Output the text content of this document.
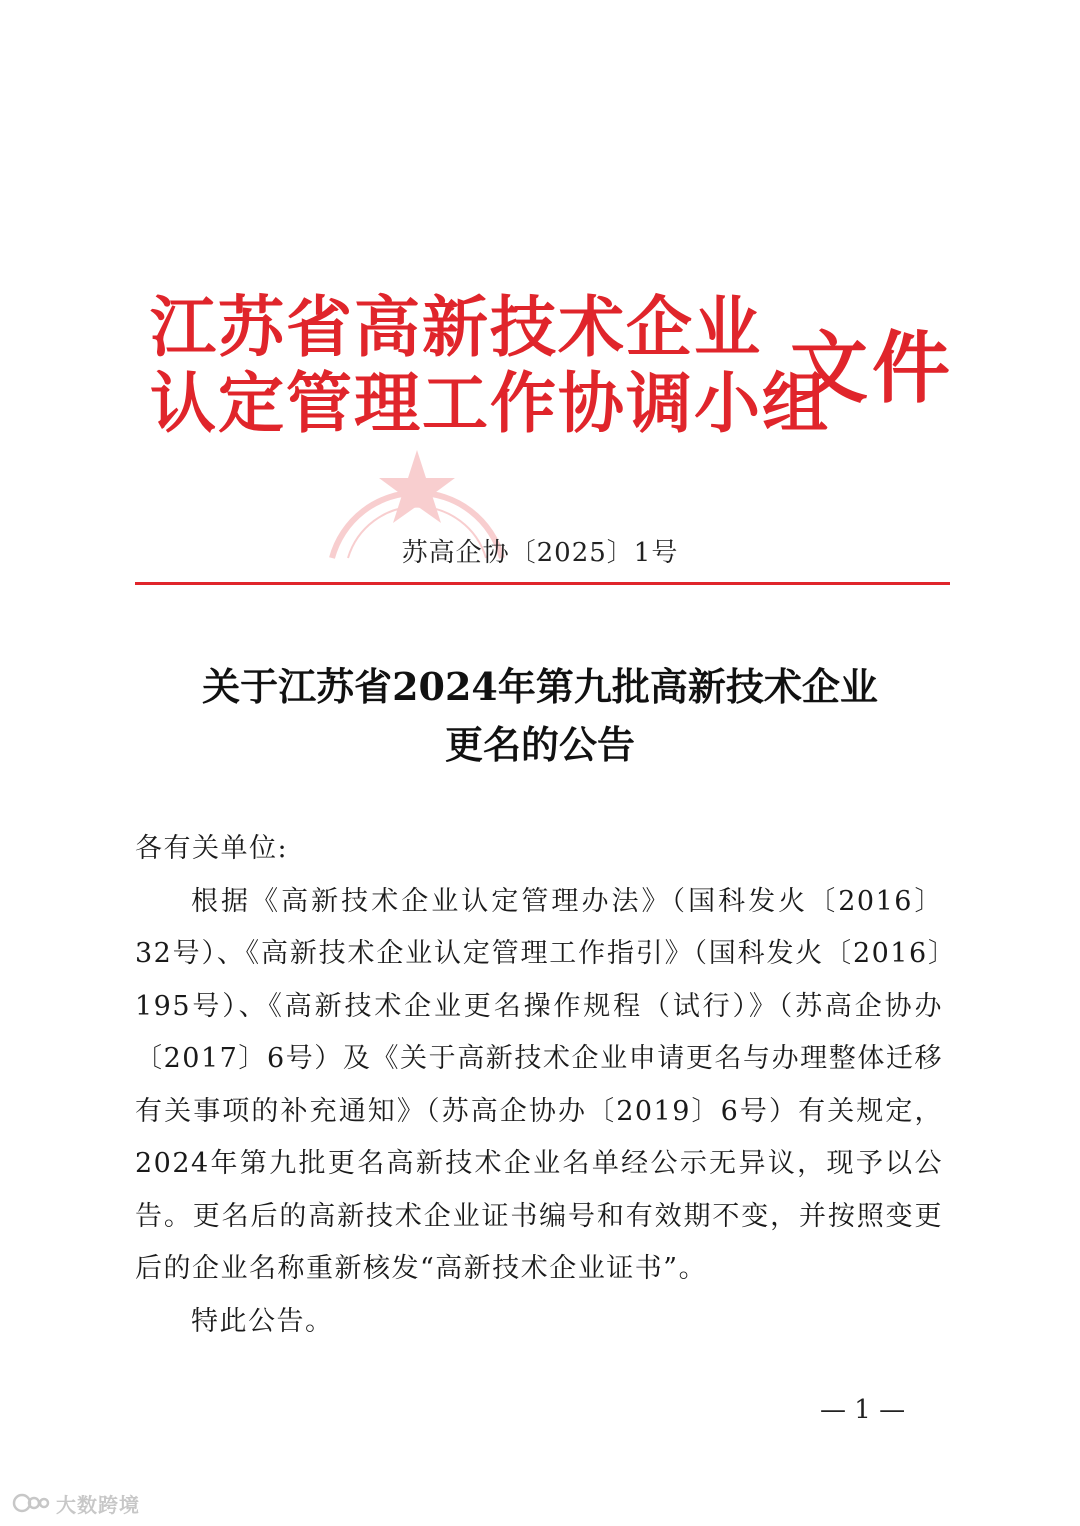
江苏省高新技术企业
认定管理工作协调小组
文件
苏高企协〔2025〕1号
关于江苏省2024年第九批高新技术企业
更名的公告

各有关单位:

根据《高新技术企业认定管理办法》（国科发火〔2016〕32号）、《高新技术企业认定管理工作指引》（国科发火〔2016〕195号）、《高新技术企业更名操作规程（试行）》（苏高企协办〔2017〕6号）及《关于高新技术企业申请更名与办理整体迁移有关事项的补充通知》（苏高企协办〔2019〕6号）有关规定，2024年第九批更名高新技术企业名单经公示无异议，现予以公告。更名后的高新技术企业证书编号和有效期不变，并按照变更后的企业名称重新核发“高新技术企业证书”。

特此公告。

— 1 —
大数跨境
